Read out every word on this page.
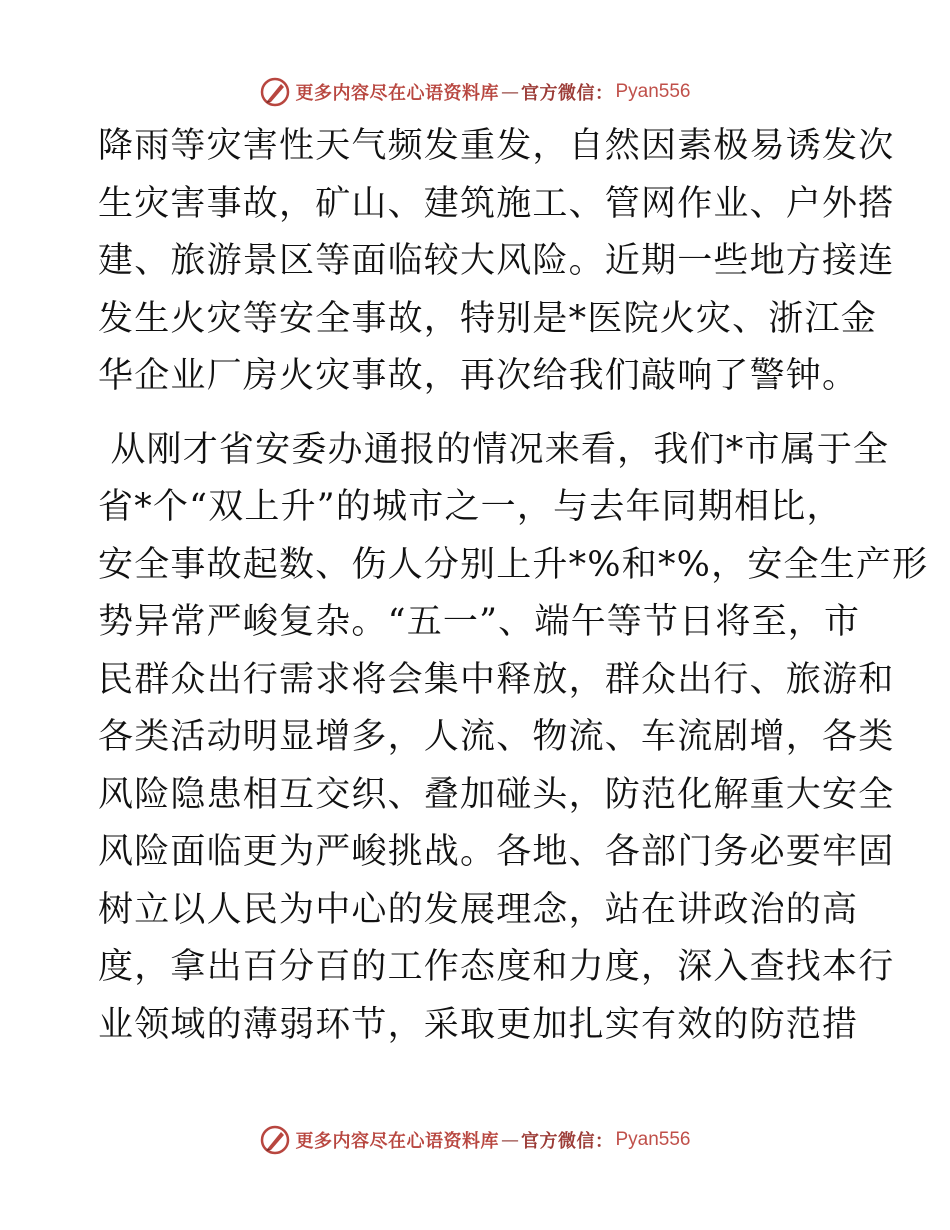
更多内容尽在心语资料库 — 官方微信： Pyan556

降雨等灾害性天气频发重发，自然因素极易诱发次
生灾害事故，矿山、建筑施工、管网作业、户外搭
建、旅游景区等面临较大风险。近期一些地方接连
发生火灾等安全事故，特别是*医院火灾、浙江金
华企业厂房火灾事故，再次给我们敲响了警钟。

从刚才省安委办通报的情况来看，我们*市属于全
省*个“双上升”的城市之一，与去年同期相比，
安全事故起数、伤人分别上升*%和*%，安全生产形
势异常严峻复杂。“五一”、端午等节日将至，市
民群众出行需求将会集中释放，群众出行、旅游和
各类活动明显增多，人流、物流、车流剧增，各类
风险隐患相互交织、叠加碰头，防范化解重大安全
风险面临更为严峻挑战。各地、各部门务必要牢固
树立以人民为中心的发展理念，站在讲政治的高
度，拿出百分百的工作态度和力度，深入查找本行
业领域的薄弱环节，采取更加扎实有效的防范措

更多内容尽在心语资料库 — 官方微信： Pyan556
